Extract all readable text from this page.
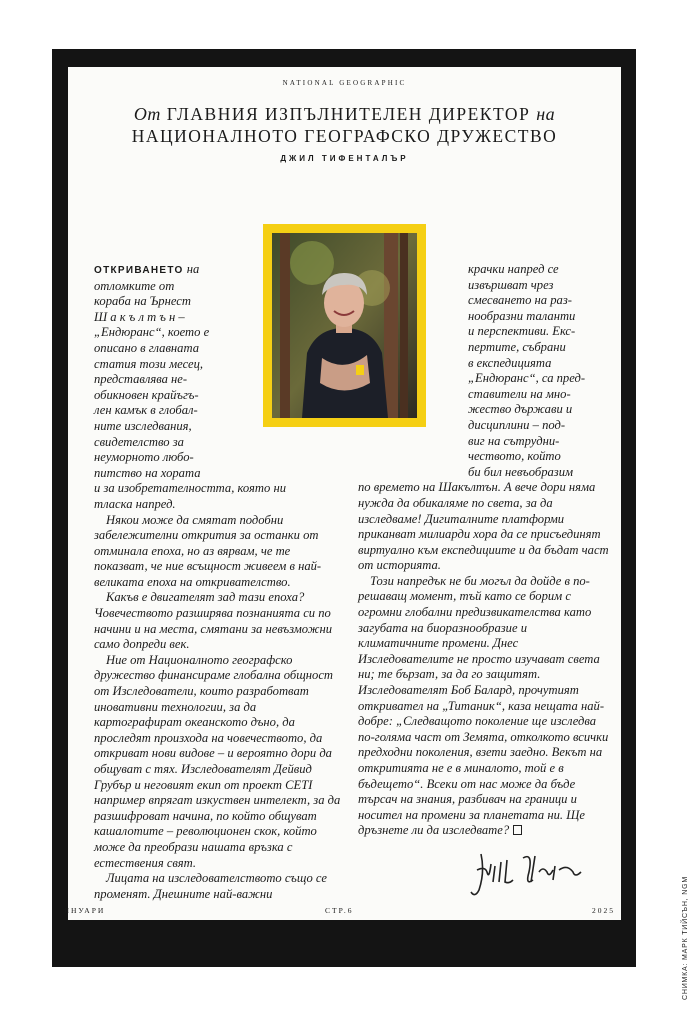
NATIONAL GEOGRAPHIC
От ГЛАВНИЯ ИЗПЪЛНИТЕЛЕН ДИРЕКТОР на
НАЦИОНАЛНОТО ГЕОГРАФСКО ДРУЖЕСТВО
ДЖИЛ ТИФЕНТАЛЪР
ОТКРИВАНЕТО на
отломките от
кораба на Ърнест
Ш а к ъ л т ъ н –
„Ендюранс“, което е
описано в главната
статия този месец,
представлява не-
обикновен крайъгъ-
лен камък в глобал-
ните изследвания,
свидетелство за
неуморното любо-
питство на хората
и за изобретателността, която ни
тласка напред.

Някои може да смятат подобни забележителни открития за останки от отминала епоха, но аз вярвам, че те показват, че ние всъщност живеем в най-великата епоха на откривателство.

Какъв е двигателят зад тази епоха? Човечеството разширява познанията си по начини и на места, смятани за невъзможни само допреди век.

Ние от Националното географско дружество финансираме глобална общност от Изследователи, които разработват иновативни технологии, за да картографират океанското дъно, да проследят произхода на човечеството, да откриват нови видове – и вероятно дори да общуват с тях. Изследователят Дейвид Грубър и неговият екип от проект CETI например впрягат изкуствен интелект, за да разшифроват начина, по който общуват кашалотите – революционен скок, който може да преобрази нашата връзка с естествения свят.

Лицата на изследователството също се променят. Днешните най-важни

крачки напред се
извършват чрез
смесването на раз-
нообразни таланти
и перспективи. Екс-
пертите, събрани
в експедицията
„Ендюранс“, са пред-
ставители на мно-
жество държави и
дисциплини – под-
виг на сътрудни-
чеството, който
би бил невъобразим

по времето на Шакълтън. А вече дори няма нужда да обикаляме по света, за да изследваме! Дигиталните платформи приканват милиарди хора да се присъединят виртуално към експедициите и да бъдат част от историята.

Този напредък не би могъл да дойде в по-решаващ момент, тъй като се борим с огромни глобални предизвикателства като загубата на биоразнообразие и климатичните промени. Днес Изследователите не просто изучават света ни; те бързат, за да го защитят. Изследователят Боб Балард, прочутият откривател на „Титаник“, каза нещата най-добре: „Следващото поколение ще изследва по-голяма част от Земята, отколкото всички предходни поколения, взети заедно. Векът на откритията не е в миналото, той е в бъдещето“. Всеки от нас може да бъде търсач на знания, разбивач на граници и носител на промени за планетата ни. Ще дръзнете ли да изследвате?

ЯНУАРИ	СТР.6	2025	СНИМКА: МАРК ТИЙСЪН, NGM
